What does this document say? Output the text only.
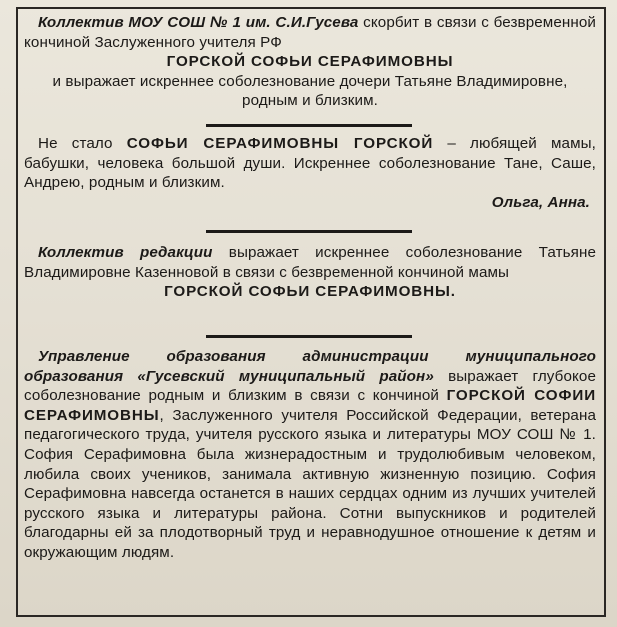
Коллектив МОУ СОШ № 1 им. С.И.Гусева скорбит в связи с безвременной кончиной Заслуженного учителя РФ
ГОРСКОЙ СОФЬИ СЕРАФИМОВНЫ
и выражает искреннее соболезнование дочери Татьяне Владимировне, родным и близким.
Не стало СОФЬИ СЕРАФИМОВНЫ ГОРСКОЙ – любящей мамы, бабушки, человека большой души. Искреннее соболезнование Тане, Саше, Андрею, родным и близким.
Ольга, Анна.
Коллектив редакции выражает искреннее соболезнование Татьяне Владимировне Казенновой в связи с безвременной кончиной мамы
ГОРСКОЙ СОФЬИ СЕРАФИМОВНЫ.
Управление образования администрации муниципального образования «Гусевский муниципальный район» выражает глубокое соболезнование родным и близким в связи с кончиной ГОРСКОЙ СОФИИ СЕРАФИМОВНЫ, Заслуженного учителя Российской Федерации, ветерана педагогического труда, учителя русского языка и литературы МОУ СОШ № 1. София Серафимовна была жизнерадостным и трудолюбивым человеком, любила своих учеников, занимала активную жизненную позицию. София Серафимовна навсегда останется в наших сердцах одним из лучших учителей русского языка и литературы района. Сотни выпускников и родителей благодарны ей за плодотворный труд и неравнодушное отношение к детям и окружающим людям.
